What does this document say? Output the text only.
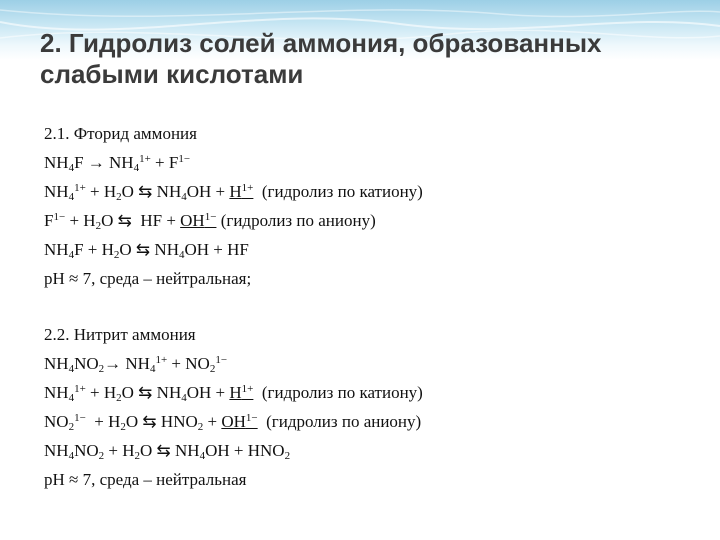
2. Гидролиз солей аммония, образованных слабыми кислотами
2.1. Фторид аммония
$NH_4F \to NH_4^{1+} + F^{1-}$
$NH_4^{1+} + H_2O$ ⇆ $NH_4OH + H^{1+}$  (гидролиз по катиону)
$F^{1-} + H_2O$ ⇆  HF + $OH^{1-}$ (гидролиз по аниону)
$NH_4F + H_2O$ ⇆ $NH_4OH$ + HF
pH ≈ 7, среда – нейтральная;
2.2. Нитрит аммония
$NH_4NO_2\to NH_4^{1+} + NO_2^{1-}$
$NH_4^{1+} + H_2O$ ⇆ $NH_4OH + H^{1+}$  (гидролиз по катиону)
$NO_2^{1-} + H_2O$ ⇆ $HNO_2 + OH^{1-}$  (гидролиз по аниону)
$NH_4NO_2 + H_2O$ ⇆ $NH_4OH + HNO_2$
pH ≈ 7, среда – нейтральная
